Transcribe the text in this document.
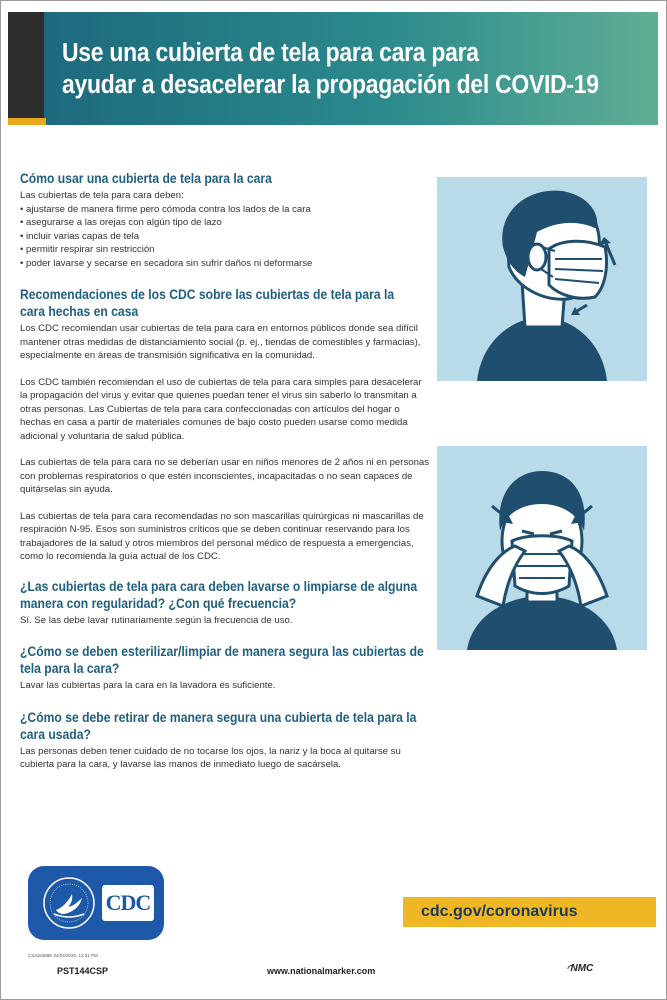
Use una cubierta de tela para cara para
ayudar a desacelerar la propagación del COVID-19
Cómo usar una cubierta de tela para la cara
Las cubiertas de tela para cara deben:
• ajustarse de manera firme pero cómoda contra los lados de la cara
• asegurarse a las orejas con algún tipo de lazo
• incluir varias capas de tela
• permitir respirar sin restricción
• poder lavarse y secarse en secadora sin sufrir daños ni deformarse
Recomendaciones de los CDC sobre las cubiertas de tela para la cara hechas en casa

Los CDC recomiendan usar cubiertas de tela para cara en entornos públicos donde sea difícil mantener otras medidas de distanciamiento social (p. ej., tiendas de comestibles y farmacias), especialmente en áreas de transmisión significativa en la comunidad.

Los CDC también recomiendan el uso de cubiertas de tela para cara simples para desacelerar la propagación del virus y evitar que quienes puedan tener el virus sin saberlo lo transmitan a otras personas. Las Cubiertas de tela para cara confeccionadas con artículos del hogar o hechas en casa a partir de materiales comunes de bajo costo pueden usarse como medida adicional y voluntaria de salud pública.

Las cubiertas de tela para cara no se deberían usar en niños menores de 2 años ni en personas con problemas respiratorios o que estén inconscientes, incapacitadas o no sean capaces de quitárselas sin ayuda.

Las cubiertas de tela para cara recomendadas no son mascarillas quirúrgicas ni mascarillas de respiración N-95. Esos son suministros críticos que se deben continuar reservando para los trabajadores de la salud y otros miembros del personal médico de respuesta a emergencias, como lo recomienda la guía actual de los CDC.

¿Las cubiertas de tela para cara deben lavarse o limpiarse de alguna manera con regularidad? ¿Con qué frecuencia?
Sí. Se las debe lavar rutinariamente según la frecuencia de uso.
¿Cómo se deben esterilizar/limpiar de manera segura las cubiertas de tela para la cara?
Lavar las cubiertas para la cara en la lavadora es suficiente.
¿Cómo se debe retirar de manera segura una cubierta de tela para la cara usada?
Las personas deben tener cuidado de no tocarse los ojos, la nariz y la boca al quitarse su cubierta para la cara, y lavarse las manos de inmediato luego de sacársela.
CDC	cdc.gov/coronavirus
CS316358E 04/04/2020, 12:21 PM
PST144CSP	www.nationalmarker.com	◜NMC
